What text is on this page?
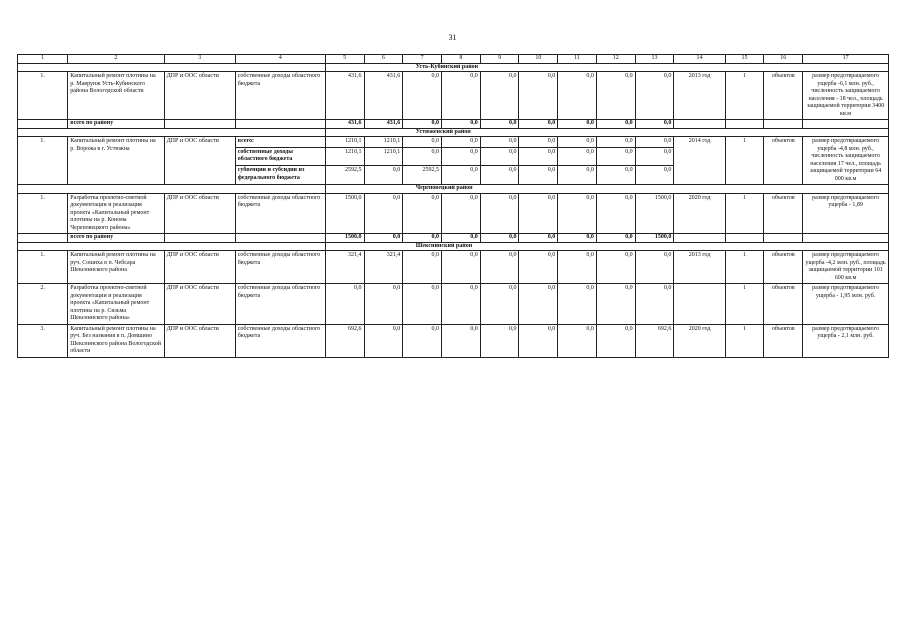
31
1	2	3	4	5	6	7	8	9	10	11	12	13	14	15	16	17
				Усть-Кубинский район												
1.	Капитальный ремонт плотины на р. Маврунж Усть-Кубинского района Вологодской области	ДПР и ООС области	собственные доходы областного бюджета	431,6	431,6	0,0	0,0	0,0	0,0	0,0	0,0	0,0	2013 год	1	объектов	размер предотвращаемого ущерба -6,1 млн. руб., численность защищаемого населения - 18 чел., площадь защищаемой территории 3400 кв.м
	всего по району			431,6	431,6	0,0	0,0	0,0	0,0	0,0	0,0	0,0				
				Устюженский район												
1.	Капитальный ремонт плотины на р. Ворожа в г. Устюжна	ДПР и ООС области	всего:	1210,1	1210,1	0,0	0,0	0,0	0,0	0,0	0,0	0,0	2014 год	1	объектов	размер предотвращаемого ущерба -4,8 млн. руб., численность защищаемого населения 17 чел., площадь защищаемой территории 64 000 кв.м
			собственные доходы областного бюджета	1210,1	1210,1	0,0	0,0	0,0	0,0	0,0	0,0	0,0				
			субвенции и субсидии из федерального бюджета	2592,5	0,0	2592,5	0,0	0,0	0,0	0,0	0,0	0,0				
				Череповецкий район												
1.	Разработка проектно-сметной документации и реализация проекта «Капитальный ремонт плотины на р. Кономa Череповецкого района»	ДПР и ООС области	собственные доходы областного бюджета	1500,0	0,0	0,0	0,0	0,0	0,0	0,0	0,0	1500,0	2020 год	1	объектов	размер предотвращаемого ущерба - 1,89
	всего по району			1500,0	0,0	0,0	0,0	0,0	0,0	0,0	0,0	1500,0				
				Шекснинский район												
1.	Капитальный ремонт плотины на руч. Сошиха в п. Чебсара Шекснинского района	ДПР и ООС области	собственные доходы областного бюджета	321,4	321,4	0,0	0,0	0,0	0,0	0,0	0,0	0,0	2013 год	1	объектов	размер предотвращаемого ущерба -4,2 млн. руб., площадь защищаемой территории 101 600 кв.м
2.	Разработка проектно-сметной документации и реализация проекта «Капитальный ремонт плотины на р. Сизьма Шекснинского района»	ДПР и ООС области	собственные доходы областного бюджета	0,0	0,0	0,0	0,0	0,0	0,0	0,0	0,0	0,0		1	объектов	размер предотвращаемого ущерба - 1,95 млн. руб.
3.	Капитальный ремонт плотины на руч. Без названия в п. Домшино Шекснинского района Вологодской области	ДПР и ООС области	собственные доходы областного бюджета	692,6	0,0	0,0	0,0	0,0	0,0	0,0	0,0	692,6	2020 год	1	объектов	размер предотвращаемого ущерба - 2,1 млн. руб.
